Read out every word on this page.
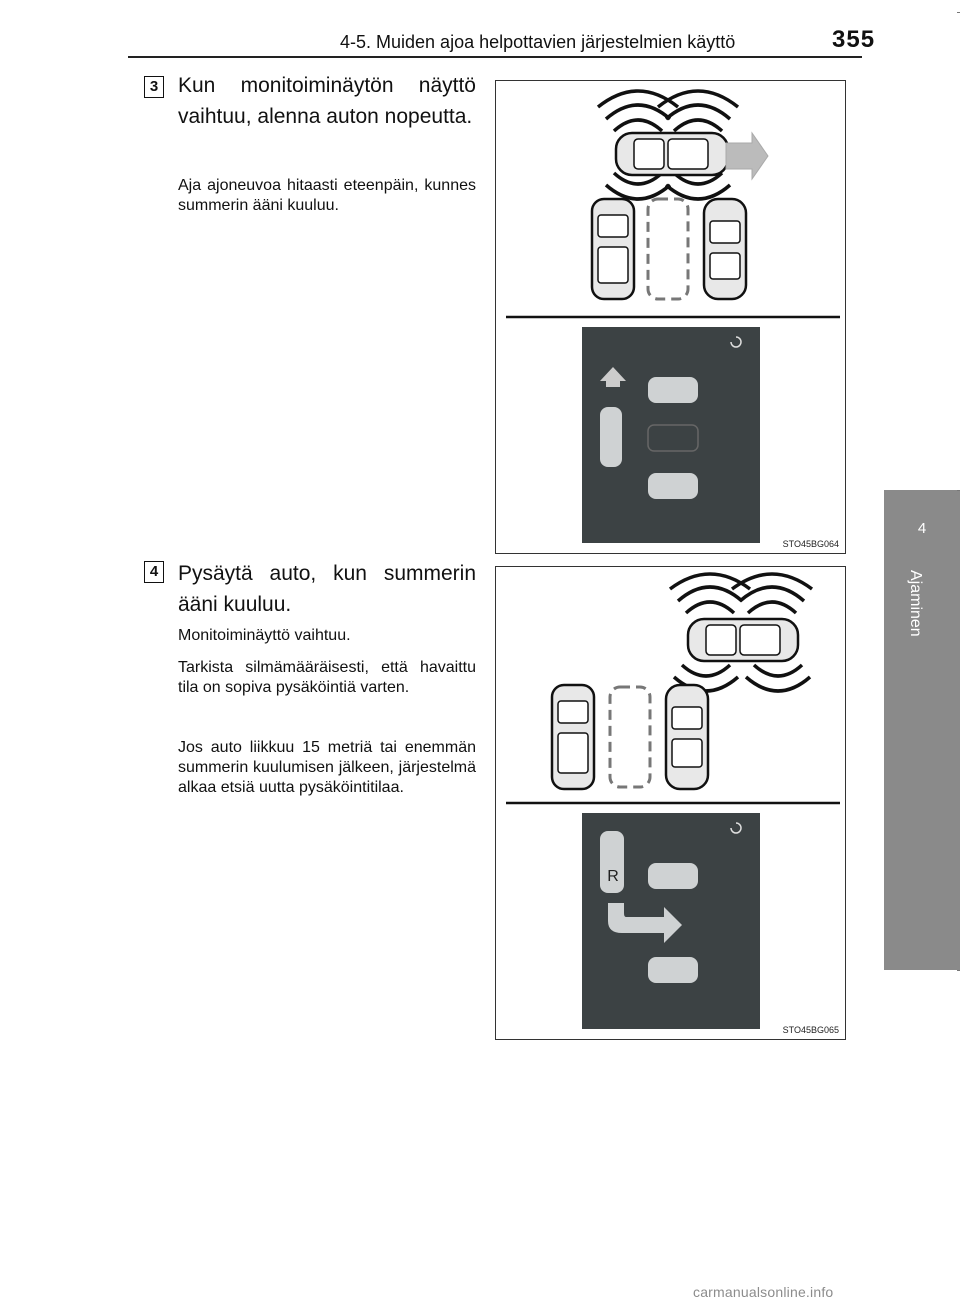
4-5. Muiden ajoa helpottavien järjestelmien käyttö	355
4
Ajaminen
3 Kun monitoiminäytön näyttö vaihtuu, alenna auton nopeutta.

Aja ajoneuvoa hitaasti eteenpäin, kunnes summerin ääni kuuluu.

STO45BG064
4 Pysäytä auto, kun summerin ääni kuuluu.

Monitoiminäyttö vaihtuu.

Tarkista silmämääräisesti, että havaittu tila on sopiva pysäköintiä varten.

Jos auto liikkuu 15 metriä tai enemmän summerin kuulumisen jälkeen, järjestelmä alkaa etsiä uutta pysäköintitilaa.

R
STO45BG065
carmanualsonline.info
